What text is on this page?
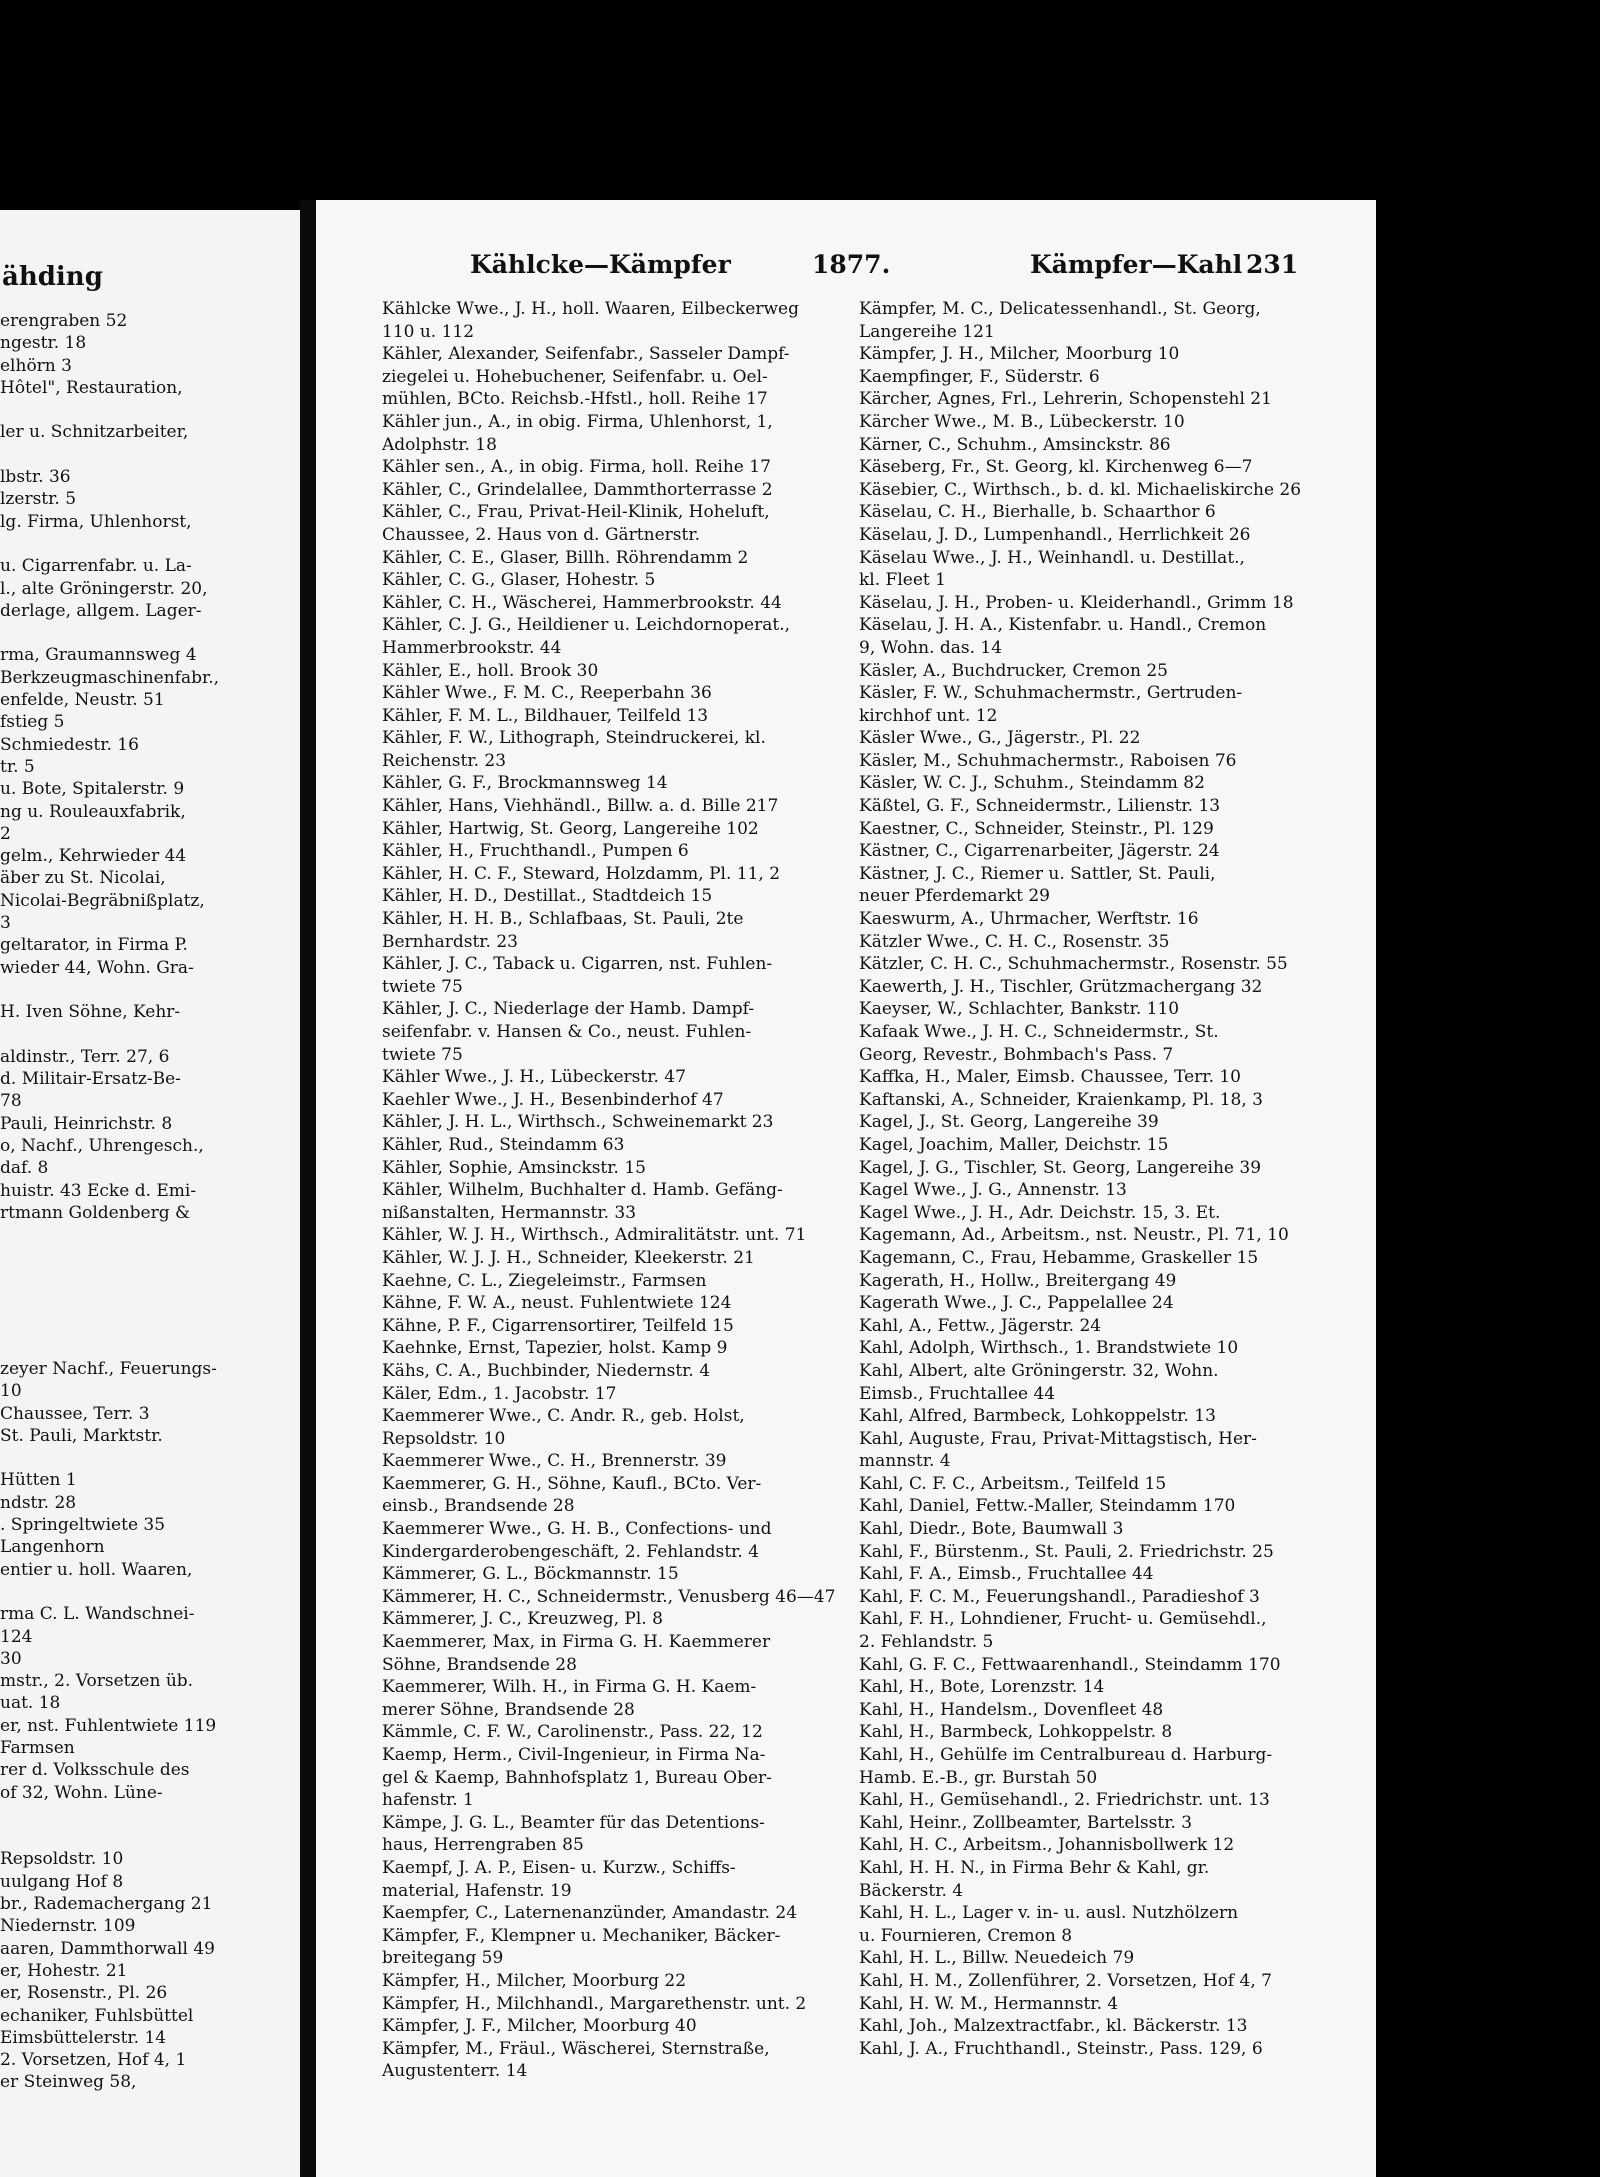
ähding
erengraben 52
ngestr. 18
elhörn 3
Hôtel", Restauration,
ler u. Schnitzarbeiter,
lbstr. 36
lzerstr. 5
lg. Firma, Uhlenhorst,
u. Cigarrenfabr. u. La-
l., alte Gröningerstr. 20,
derlage, allgem. Lager-
rma, Graumannsweg 4
Berkzeugmaschinenfabr.,
enfelde, Neustr. 51
fstieg 5
Schmiedestr. 16
tr. 5
u. Bote, Spitalerstr. 9
ng u. Rouleauxfabrik,
2
gelm., Kehrwieder 44
äber zu St. Nicolai,
Nicolai-Begräbnißplatz,
3
geltarator, in Firma P.
wieder 44, Wohn. Gra-
H. Iven Söhne, Kehr-
aldinstr., Terr. 27, 6
d. Militair-Ersatz-Be-
78
Pauli, Heinrichstr. 8
o, Nachf., Uhrengesch.,
daf. 8
huistr. 43 Ecke d. Emi-
rtmann Goldenberg &
zeyer Nachf., Feuerungs-
10
Chaussee, Terr. 3
St. Pauli, Marktstr.
Hütten 1
ndstr. 28
. Springeltwiete 35
Langenhorn
entier u. holl. Waaren,
rma C. L. Wandschnei-
124
30
mstr., 2. Vorsetzen üb.
uat. 18
er, nst. Fuhlentwiete 119
Farmsen
rer d. Volksschule des
of 32, Wohn. Lüne-
Repsoldstr. 10
uulgang Hof 8
br., Rademachergang 21
Niedernstr. 109
aaren, Dammthorwall 49
er, Hohestr. 21
er, Rosenstr., Pl. 26
echaniker, Fuhlsbüttel
Eimsbüttelerstr. 14
2. Vorsetzen, Hof 4, 1
er Steinweg 58,
Kählcke—Kämpfer	1877.	Kämpfer—Kahl 231
Kählcke Wwe., J. H., holl. Waaren, Eilbeckerweg
110 u. 112
Kähler, Alexander, Seifenfabr., Sasseler Dampf-
ziegelei u. Hohebuchener, Seifenfabr. u. Oel-
mühlen, BCto. Reichsb.-Hfstl., holl. Reihe 17
Kähler jun., A., in obig. Firma, Uhlenhorst, 1,
Adolphstr. 18
Kähler sen., A., in obig. Firma, holl. Reihe 17
Kähler, C., Grindelallee, Dammthorterrasse 2
Kähler, C., Frau, Privat-Heil-Klinik, Hoheluft,
Chaussee, 2. Haus von d. Gärtnerstr.
Kähler, C. E., Glaser, Billh. Röhrendamm 2
Kähler, C. G., Glaser, Hohestr. 5
Kähler, C. H., Wäscherei, Hammerbrookstr. 44
Kähler, C. J. G., Heildiener u. Leichdornoperat.,
Hammerbrookstr. 44
Kähler, E., holl. Brook 30
Kähler Wwe., F. M. C., Reeperbahn 36
Kähler, F. M. L., Bildhauer, Teilfeld 13
Kähler, F. W., Lithograph, Steindruckerei, kl.
Reichenstr. 23
Kähler, G. F., Brockmannsweg 14
Kähler, Hans, Viehhändl., Billw. a. d. Bille 217
Kähler, Hartwig, St. Georg, Langereihe 102
Kähler, H., Fruchthandl., Pumpen 6
Kähler, H. C. F., Steward, Holzdamm, Pl. 11, 2
Kähler, H. D., Destillat., Stadtdeich 15
Kähler, H. H. B., Schlafbaas, St. Pauli, 2te
Bernhardstr. 23
Kähler, J. C., Taback u. Cigarren, nst. Fuhlen-
twiete 75
Kähler, J. C., Niederlage der Hamb. Dampf-
seifenfabr. v. Hansen & Co., neust. Fuhlen-
twiete 75
Kähler Wwe., J. H., Lübeckerstr. 47
Kaehler Wwe., J. H., Besenbinderhof 47
Kähler, J. H. L., Wirthsch., Schweinemarkt 23
Kähler, Rud., Steindamm 63
Kähler, Sophie, Amsinckstr. 15
Kähler, Wilhelm, Buchhalter d. Hamb. Gefäng-
nißanstalten, Hermannstr. 33
Kähler, W. J. H., Wirthsch., Admiralitätstr. unt. 71
Kähler, W. J. J. H., Schneider, Kleekerstr. 21
Kaehne, C. L., Ziegeleimstr., Farmsen
Kähne, F. W. A., neust. Fuhlentwiete 124
Kähne, P. F., Cigarrensortirer, Teilfeld 15
Kaehnke, Ernst, Tapezier, holst. Kamp 9
Kähs, C. A., Buchbinder, Niedernstr. 4
Käler, Edm., 1. Jacobstr. 17
Kaemmerer Wwe., C. Andr. R., geb. Holst,
Repsoldstr. 10
Kaemmerer Wwe., C. H., Brennerstr. 39
Kaemmerer, G. H., Söhne, Kaufl., BCto. Ver-
einsb., Brandsende 28
Kaemmerer Wwe., G. H. B., Confections- und
Kindergarderobengeschäft, 2. Fehlandstr. 4
Kämmerer, G. L., Böckmannstr. 15
Kämmerer, H. C., Schneidermstr., Venusberg 46—47
Kämmerer, J. C., Kreuzweg, Pl. 8
Kaemmerer, Max, in Firma G. H. Kaemmerer
Söhne, Brandsende 28
Kaemmerer, Wilh. H., in Firma G. H. Kaem-
merer Söhne, Brandsende 28
Kämmle, C. F. W., Carolinenstr., Pass. 22, 12
Kaemp, Herm., Civil-Ingenieur, in Firma Na-
gel & Kaemp, Bahnhofsplatz 1, Bureau Ober-
hafenstr. 1
Kämpe, J. G. L., Beamter für das Detentions-
haus, Herrengraben 85
Kaempf, J. A. P., Eisen- u. Kurzw., Schiffs-
material, Hafenstr. 19
Kaempfer, C., Laternenanzünder, Amandastr. 24
Kämpfer, F., Klempner u. Mechaniker, Bäcker-
breitegang 59
Kämpfer, H., Milcher, Moorburg 22
Kämpfer, H., Milchhandl., Margarethenstr. unt. 2
Kämpfer, J. F., Milcher, Moorburg 40
Kämpfer, M., Fräul., Wäscherei, Sternstraße,
Augustenterr. 14
Kämpfer, M. C., Delicatessenhandl., St. Georg,
Langereihe 121
Kämpfer, J. H., Milcher, Moorburg 10
Kaempfinger, F., Süderstr. 6
Kärcher, Agnes, Frl., Lehrerin, Schopenstehl 21
Kärcher Wwe., M. B., Lübeckerstr. 10
Kärner, C., Schuhm., Amsinckstr. 86
Käseberg, Fr., St. Georg, kl. Kirchenweg 6—7
Käsebier, C., Wirthsch., b. d. kl. Michaeliskirche 26
Käselau, C. H., Bierhalle, b. Schaarthor 6
Käselau, J. D., Lumpenhandl., Herrlichkeit 26
Käselau Wwe., J. H., Weinhandl. u. Destillat.,
kl. Fleet 1
Käselau, J. H., Proben- u. Kleiderhandl., Grimm 18
Käselau, J. H. A., Kistenfabr. u. Handl., Cremon
9, Wohn. das. 14
Käsler, A., Buchdrucker, Cremon 25
Käsler, F. W., Schuhmachermstr., Gertruden-
kirchhof unt. 12
Käsler Wwe., G., Jägerstr., Pl. 22
Käsler, M., Schuhmachermstr., Raboisen 76
Käsler, W. C. J., Schuhm., Steindamm 82
Käßtel, G. F., Schneidermstr., Lilienstr. 13
Kaestner, C., Schneider, Steinstr., Pl. 129
Kästner, C., Cigarrenarbeiter, Jägerstr. 24
Kästner, J. C., Riemer u. Sattler, St. Pauli,
neuer Pferdemarkt 29
Kaeswurm, A., Uhrmacher, Werftstr. 16
Kätzler Wwe., C. H. C., Rosenstr. 35
Kätzler, C. H. C., Schuhmachermstr., Rosenstr. 55
Kaewerth, J. H., Tischler, Grützmachergang 32
Kaeyser, W., Schlachter, Bankstr. 110
Kafaak Wwe., J. H. C., Schneidermstr., St.
Georg, Revestr., Bohmbach's Pass. 7
Kaffka, H., Maler, Eimsb. Chaussee, Terr. 10
Kaftanski, A., Schneider, Kraienkamp, Pl. 18, 3
Kagel, J., St. Georg, Langereihe 39
Kagel, Joachim, Maller, Deichstr. 15
Kagel, J. G., Tischler, St. Georg, Langereihe 39
Kagel Wwe., J. G., Annenstr. 13
Kagel Wwe., J. H., Adr. Deichstr. 15, 3. Et.
Kagemann, Ad., Arbeitsm., nst. Neustr., Pl. 71, 10
Kagemann, C., Frau, Hebamme, Graskeller 15
Kagerath, H., Hollw., Breitergang 49
Kagerath Wwe., J. C., Pappelallee 24
Kahl, A., Fettw., Jägerstr. 24
Kahl, Adolph, Wirthsch., 1. Brandstwiete 10
Kahl, Albert, alte Gröningerstr. 32, Wohn.
Eimsb., Fruchtallee 44
Kahl, Alfred, Barmbeck, Lohkoppelstr. 13
Kahl, Auguste, Frau, Privat-Mittagstisch, Her-
mannstr. 4
Kahl, C. F. C., Arbeitsm., Teilfeld 15
Kahl, Daniel, Fettw.-Maller, Steindamm 170
Kahl, Diedr., Bote, Baumwall 3
Kahl, F., Bürstenm., St. Pauli, 2. Friedrichstr. 25
Kahl, F. A., Eimsb., Fruchtallee 44
Kahl, F. C. M., Feuerungshandl., Paradieshof 3
Kahl, F. H., Lohndiener, Frucht- u. Gemüsehdl.,
2. Fehlandstr. 5
Kahl, G. F. C., Fettwaarenhandl., Steindamm 170
Kahl, H., Bote, Lorenzstr. 14
Kahl, H., Handelsm., Dovenfleet 48
Kahl, H., Barmbeck, Lohkoppelstr. 8
Kahl, H., Gehülfe im Centralbureau d. Harburg-
Hamb. E.-B., gr. Burstah 50
Kahl, H., Gemüsehandl., 2. Friedrichstr. unt. 13
Kahl, Heinr., Zollbeamter, Bartelsstr. 3
Kahl, H. C., Arbeitsm., Johannisbollwerk 12
Kahl, H. H. N., in Firma Behr & Kahl, gr.
Bäckerstr. 4
Kahl, H. L., Lager v. in- u. ausl. Nutzhölzern
u. Fournieren, Cremon 8
Kahl, H. L., Billw. Neuedeich 79
Kahl, H. M., Zollenführer, 2. Vorsetzen, Hof 4, 7
Kahl, H. W. M., Hermannstr. 4
Kahl, Joh., Malzextractfabr., kl. Bäckerstr. 13
Kahl, J. A., Fruchthandl., Steinstr., Pass. 129, 6
